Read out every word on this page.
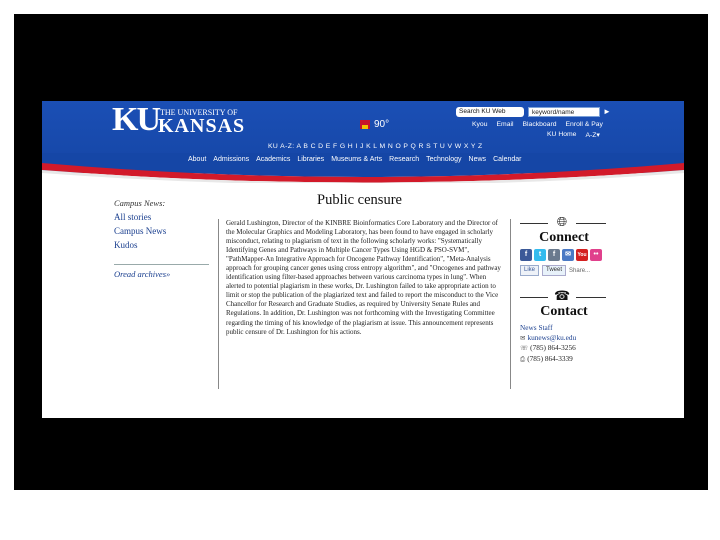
KU THE UNIVERSITY OF
KANSAS	90°
Search KU Web	keyword/name	►
Kyou Email Blackboard Enroll & Pay
KU Home A-Z▾
KU A-Z: A B C D E F G H I J K L M N O P Q R S T U V W X Y Z
About Admissions Academics Libraries Museums & Arts Research Technology News Calendar
Campus News:
All stories
Campus News
Kudos
Oread archives»
Public censure
Gerald Lushington, Director of the KINBRE Bioinformatics Core Laboratory and the Director of the Molecular Graphics and Modeling Laboratory, has been found to have engaged in scholarly misconduct, relating to plagiarism of text in the following scholarly works: "Systematically Identifying Genes and Pathways in Multiple Cancer Types Using HGD & PSO-SVM", "PathMapper-An Integrative Approach for Oncogene Pathway Identification", "Meta-Analysis approach for grouping cancer genes using cross entropy algorithm", and "Oncogenes and pathway identification using filter-based approaches between various carcinoma types in lung". When alerted to potential plagiarism in these works, Dr. Lushington failed to take appropriate action to limit or stop the publication of the plagiarized text and failed to report the misconduct to the Vice Chancellor for Research and Graduate Studies, as required by University Senate Rules and Regulations. In addition, Dr. Lushington was not forthcoming with the Investigating Committee regarding the timing of his knowledge of the plagiarism at issue. This announcement represents public censure of Dr. Lushington for his actions.
🌐︎
Connect
f	t	f	✉	You	••
Like	Tweet	Share...
☎
Contact
News Staff
✉ kunews@ku.edu
☏ (785) 864-3256
⎙ (785) 864-3339
